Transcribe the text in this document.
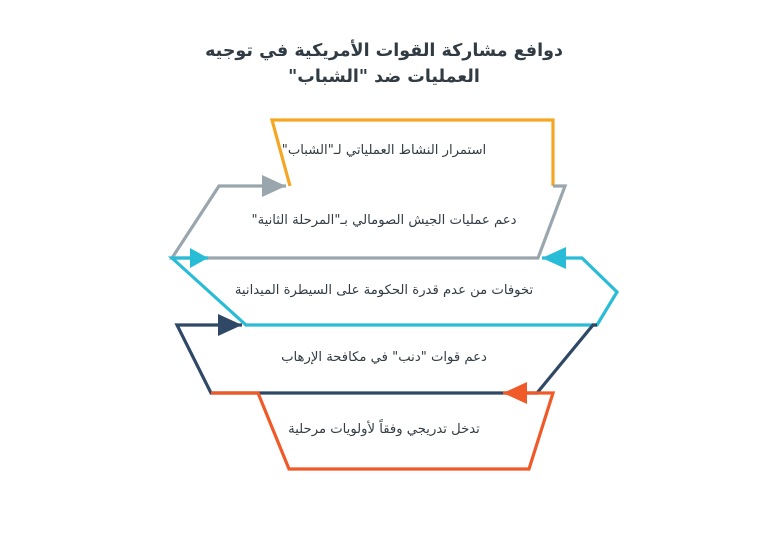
دوافع مشاركة القوات الأمريكية في توجيه
العمليات ضد "الشباب"
استمرار النشاط العملياتي لـ"الشباب"
دعم عمليات الجيش الصومالي بـ"المرحلة الثانية"
تخوفات من عدم قدرة الحكومة على السيطرة الميدانية
دعم قوات "دنب" في مكافحة الإرهاب
تدخل تدريجي وفقاً لأولويات مرحلية
